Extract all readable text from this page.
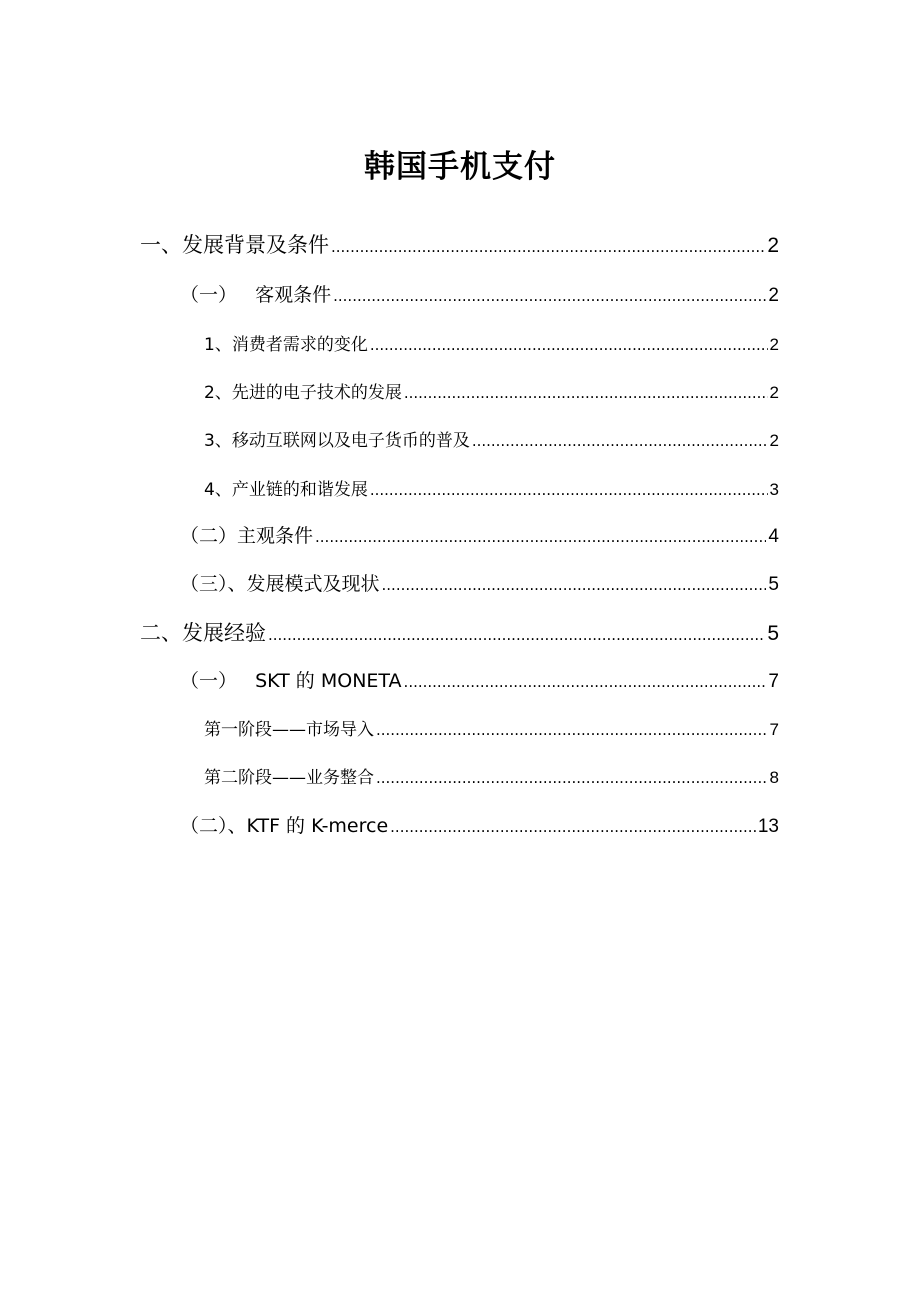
韩国手机支付
一、发展背景及条件 .....	2
（一）   客观条件 .....	2
1、消费者需求的变化 .....	2
2、先进的电子技术的发展 .....	2
3、移动互联网以及电子货币的普及 .....	2
4、产业链的和谐发展 .....	3
（二）主观条件 .....	4
（三）、发展模式及现状 .....	5
二、发展经验 .....	5
（一）   SKT 的 MONETA .....	7
第一阶段——市场导入 .....	7
第二阶段——业务整合 .....	8
（二）、KTF 的 K-merce .....	13
